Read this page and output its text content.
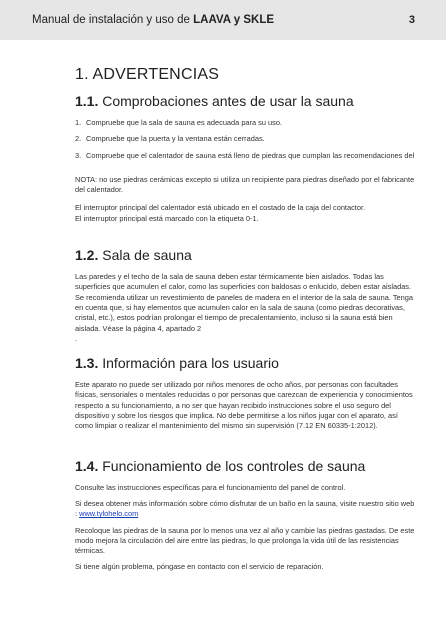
Manual de instalación y uso de LAAVA y SKLE	3
1. ADVERTENCIAS
1.1. Comprobaciones antes de usar la sauna
1. Compruebe que la sala de sauna es adecuada para su uso.
2. Compruebe que la puerta y la ventana están cerradas.
3. Compruebe que el calentador de sauna está lleno de piedras que cumplan las recomendaciones del

NOTA: no use piedras cerámicas excepto si utiliza un recipiente para piedras diseñado por el fabricante del calentador.

El interruptor principal del calentador está ubicado en el costado de la caja del contactor.

El interruptor principal está marcado con la etiqueta 0-1.

1.2. Sala de sauna

Las paredes y el techo de la sala de sauna deben estar térmicamente bien aislados. Todas las superficies que acumulen el calor, como las superficies con baldosas o enlucido, deben estar aisladas. Se recomienda utilizar un revestimiento de paneles de madera en el interior de la sala de sauna. Tenga en cuenta que, si hay elementos que acumulen calor en la sala de sauna (como piedras decorativas, cristal, etc.), estos podrían prolongar el tiempo de precalentamiento, incluso si la sauna está bien aislada. Véase la página 4, apartado 2

.

1.3. Información para los usuario

Este aparato no puede ser utilizado por niños menores de ocho años, por personas con facultades físicas, sensoriales o mentales reducidas o por personas que carezcan de experiencia y conocimientos respecto a su funcionamiento, a no ser que hayan recibido instrucciones sobre el uso seguro del dispositivo y sobre los riesgos que implica. No debe permitirse a los niños jugar con el aparato, así como limpiar o realizar el mantenimiento del mismo sin supervisión (7.12 EN 60335-1:2012).

1.4. Funcionamiento de los controles de sauna

Consulte las instrucciones específicas para el funcionamiento del panel de control.

Si desea obtener más información sobre cómo disfrutar de un baño en la sauna, visite nuestro sitio web : www.tylohelo.com

Recoloque las piedras de la sauna por lo menos una vez al año y cambie las piedras gastadas. De este modo mejora la circulación del aire entre las piedras, lo que prolonga la vida útil de las resistencias térmicas.

Si tiene algún problema, póngase en contacto con el servicio de reparación.
